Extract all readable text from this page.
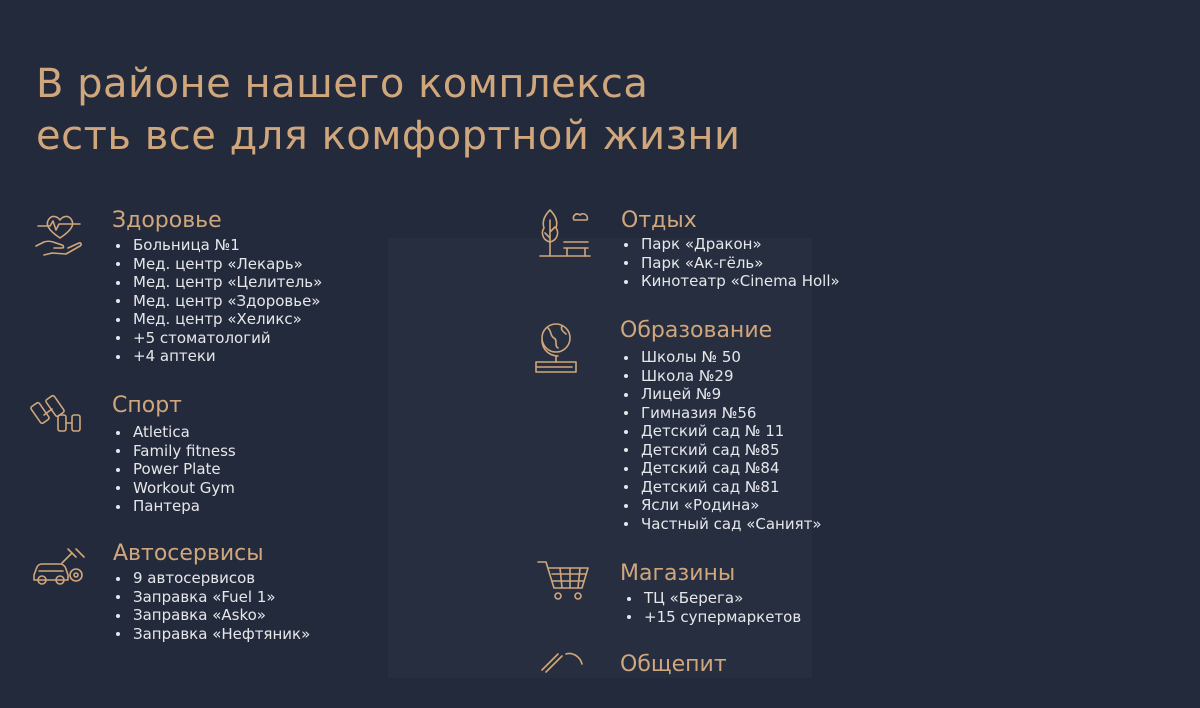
В районе нашего комплекса
есть все для комфортной жизни
Здоровье
Больница №1
Мед. центр «Лекарь»
Мед. центр «Целитель»
Мед. центр «Здоровье»
Мед. центр «Хеликс»
+5 стоматологий
+4 аптеки
Спорт
Atletica
Family fitness
Power Plate
Workout Gym
Пантера
Автосервисы
9 автосервисов
Заправка «Fuel 1»
Заправка «Asko»
Заправка «Нефтяник»
Отдых
Парк «Дракон»
Парк «Ак-гёль»
Кинотеатр «Cinema Holl»
Образование
Школы № 50
Школа №29
Лицей №9
Гимназия №56
Детский сад № 11
Детский сад №85
Детский сад №84
Детский сад №81
Ясли «Родина»
Частный сад «Саният»
Магазины
ТЦ «Берега»
+15 супермаркетов
Общепит
